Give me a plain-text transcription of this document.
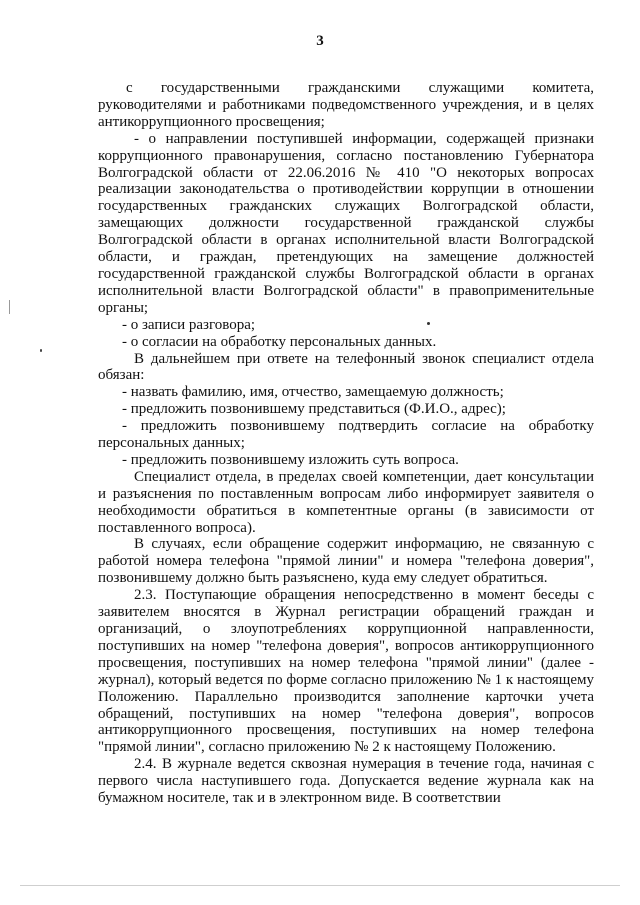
3

с государственными гражданскими служащими комитета, руководителями и работниками подведомственного учреждения, и в целях антикоррупционного просвещения;

- о направлении поступившей информации, содержащей признаки коррупционного правонарушения, согласно постановлению Губернатора Волгоградской области от 22.06.2016 № 410 "О некоторых вопросах реализации законодательства о противодействии коррупции в отношении государственных гражданских служащих Волгоградской области, замещающих должности государственной гражданской службы Волгоградской области в органах исполнительной власти Волгоградской области, и граждан, претендующих на замещение должностей государственной гражданской службы Волгоградской области в органах исполнительной власти Волгоградской области" в правоприменительные органы;

- о записи разговора;

- о согласии на обработку персональных данных.

В дальнейшем при ответе на телефонный звонок специалист отдела обязан:

- назвать фамилию, имя, отчество, замещаемую должность;

- предложить позвонившему представиться (Ф.И.О., адрес);

- предложить позвонившему подтвердить согласие на обработку персональных данных;

- предложить позвонившему изложить суть вопроса.

Специалист отдела, в пределах своей компетенции, дает консультации и разъяснения по поставленным вопросам либо информирует заявителя о необходимости обратиться в компетентные органы (в зависимости от поставленного вопроса).

В случаях, если обращение содержит информацию, не связанную с работой номера телефона "прямой линии" и номера "телефона доверия", позвонившему должно быть разъяснено, куда ему следует обратиться.

2.3. Поступающие обращения непосредственно в момент беседы с заявителем вносятся в Журнал регистрации обращений граждан и организаций, о злоупотреблениях коррупционной направленности, поступивших на номер "телефона доверия", вопросов антикоррупционного просвещения, поступивших на номер телефона "прямой линии" (далее - журнал), который ведется по форме согласно приложению № 1 к настоящему Положению. Параллельно производится заполнение карточки учета обращений, поступивших на номер "телефона доверия", вопросов антикоррупционного просвещения, поступивших на номер телефона "прямой линии", согласно приложению № 2 к настоящему Положению.

2.4. В журнале ведется сквозная нумерация в течение года, начиная с первого числа наступившего года. Допускается ведение журнала как на бумажном носителе, так и в электронном виде. В соответствии
